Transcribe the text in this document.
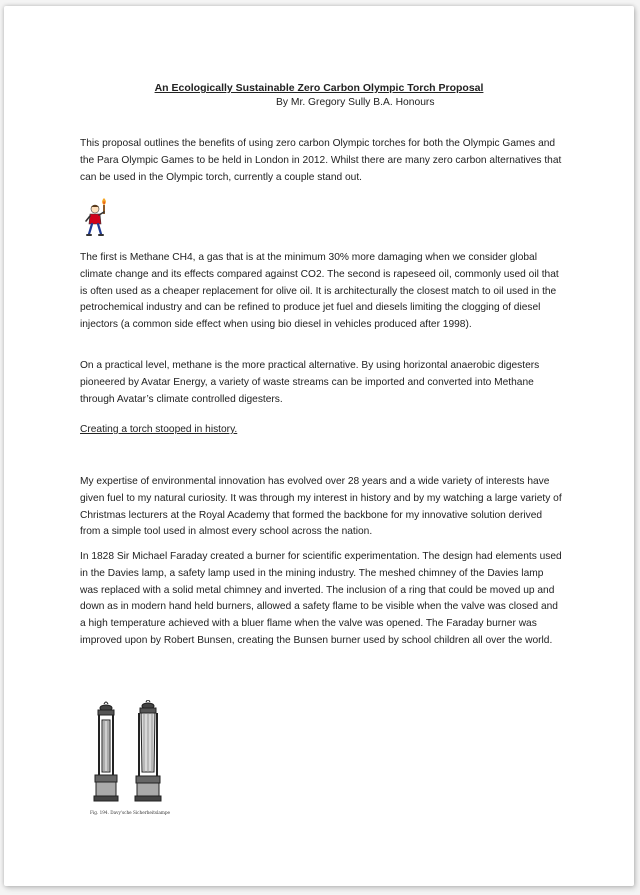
An Ecologically Sustainable Zero Carbon Olympic Torch Proposal
By Mr. Gregory Sully B.A. Honours
This proposal outlines the benefits of using zero carbon Olympic torches for both the Olympic Games and the Para Olympic Games to be held in London in 2012. Whilst there are many zero carbon alternatives that can be used in the Olympic torch, currently a couple stand out.
The first is Methane CH4, a gas that is at the minimum 30% more damaging when we consider global climate change and its effects compared against CO2. The second is rapeseed oil, commonly used oil that is often used as a cheaper replacement for olive oil. It is architecturally the closest match to oil used in the petrochemical industry and can be refined to produce jet fuel and diesels limiting the clogging of diesel injectors (a common side effect when using bio diesel in vehicles produced after 1998).
On a practical level, methane is the more practical alternative. By using horizontal anaerobic digesters pioneered by Avatar Energy, a variety of waste streams can be imported and converted into Methane through Avatar’s climate controlled digesters.
Creating a torch stooped in history.
My expertise of environmental innovation has evolved over 28 years and a wide variety of interests have given fuel to my natural curiosity. It was through my interest in history and by my watching a large variety of Christmas lecturers at the Royal Academy that formed the backbone for my innovative solution derived from a simple tool used in almost every school across the nation.
In 1828 Sir Michael Faraday created a burner for scientific experimentation. The design had elements used in the Davies lamp, a safety lamp used in the mining industry. The meshed chimney of the Davies lamp was replaced with a solid metal chimney and inverted. The inclusion of a ring that could be moved up and down as in modern hand held burners, allowed a safety flame to be visible when the valve was closed and a high temperature achieved with a bluer flame when the valve was opened. The Faraday burner was improved upon by Robert Bunsen, creating the Bunsen burner used by school children all over the world.
Fig. 194. Davy'sche Sicherheitslampe
